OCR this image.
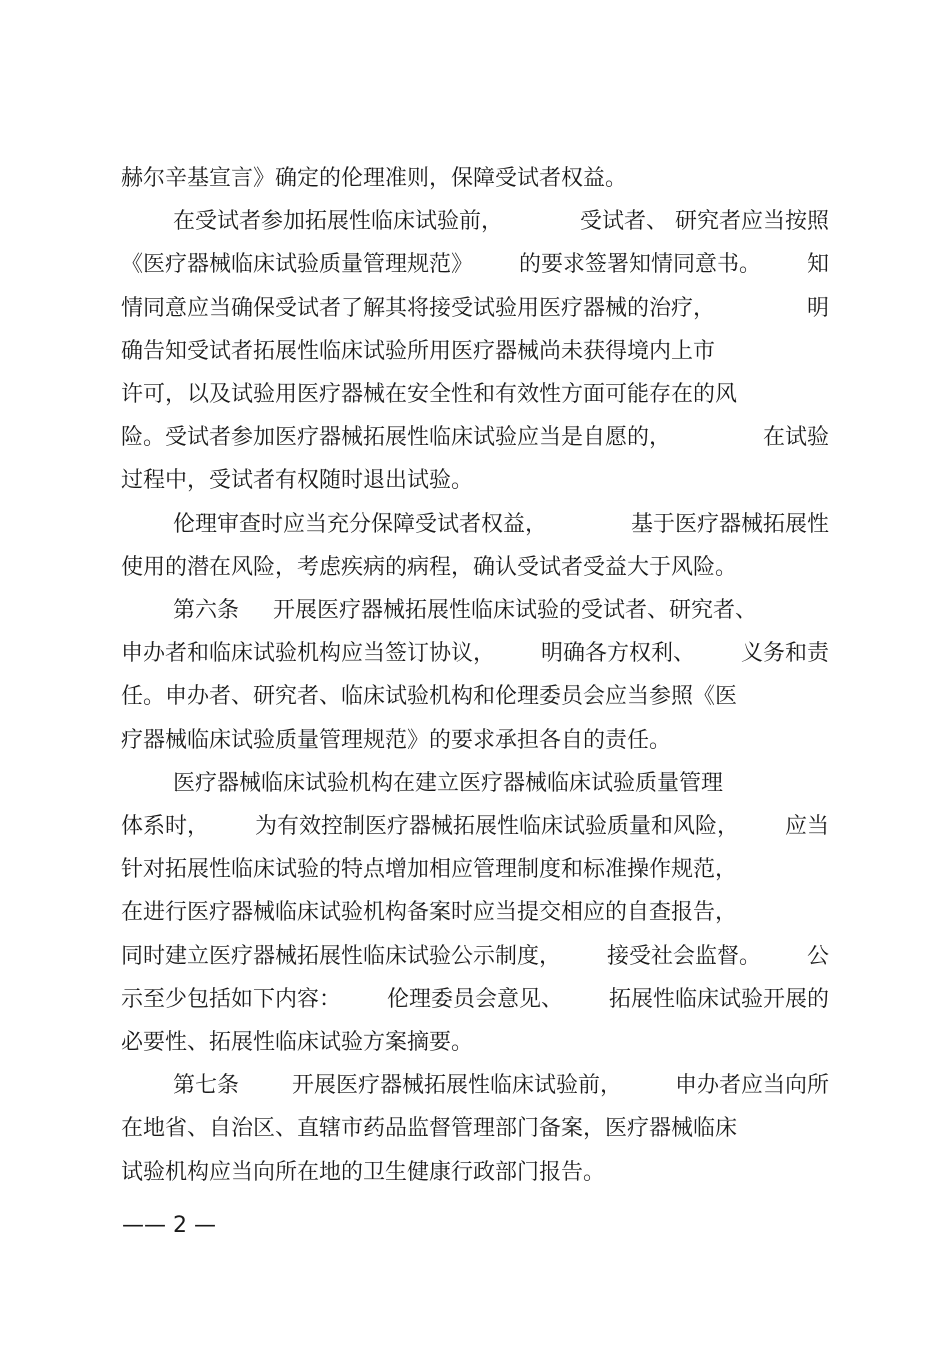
赫尔辛基宣言》确定的伦理准则，保障受试者权益。
在受试者参加拓展性临床试验前，	受试者、 研究者应当按照
《医疗器械临床试验质量管理规范》 的要求签署知情同意书。 知
情同意应当确保受试者了解其将接受试验用医疗器械的治疗，	明
确告知受试者拓展性临床试验所用医疗器械尚未获得境内上市
许可，以及试验用医疗器械在安全性和有效性方面可能存在的风
险。受试者参加医疗器械拓展性临床试验应当是自愿的，	在试验
过程中，受试者有权随时退出试验。
伦理审查时应当充分保障受试者权益，	基于医疗器械拓展性
使用的潜在风险，考虑疾病的病程，确认受试者受益大于风险。
第六条 开展医疗器械拓展性临床试验的受试者、研究者、
申办者和临床试验机构应当签订协议， 明确各方权利、 义务和责
任。申办者、研究者、临床试验机构和伦理委员会应当参照《医
疗器械临床试验质量管理规范》的要求承担各自的责任。
医疗器械临床试验机构在建立医疗器械临床试验质量管理
体系时， 为有效控制医疗器械拓展性临床试验质量和风险， 应当
针对拓展性临床试验的特点增加相应管理制度和标准操作规范，
在进行医疗器械临床试验机构备案时应当提交相应的自查报告，
同时建立医疗器械拓展性临床试验公示制度， 接受社会监督。 公
示至少包括如下内容： 伦理委员会意见、 拓展性临床试验开展的
必要性、拓展性临床试验方案摘要。
第七条 开展医疗器械拓展性临床试验前， 申办者应当向所
在地省、自治区、直辖市药品监督管理部门备案，医疗器械临床
试验机构应当向所在地的卫生健康行政部门报告。
—— 2 —
